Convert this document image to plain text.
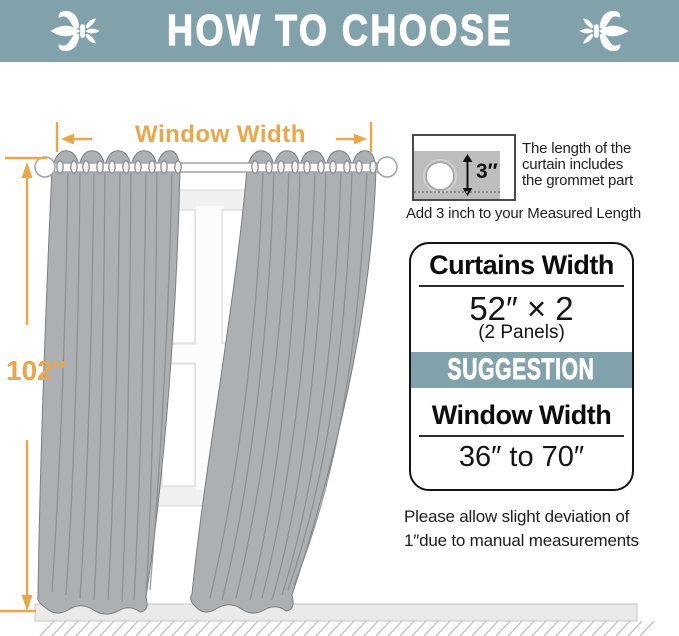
HOW TO CHOOSE
Window Width
102″
3″
The length of the
curtain includes
the grommet part
Add 3 inch to your Measured Length
Curtains Width
52″ × 2
(2 Panels)
SUGGESTION
Window Width
36″ to 70″
Please allow slight deviation of
1″due to manual measurements
